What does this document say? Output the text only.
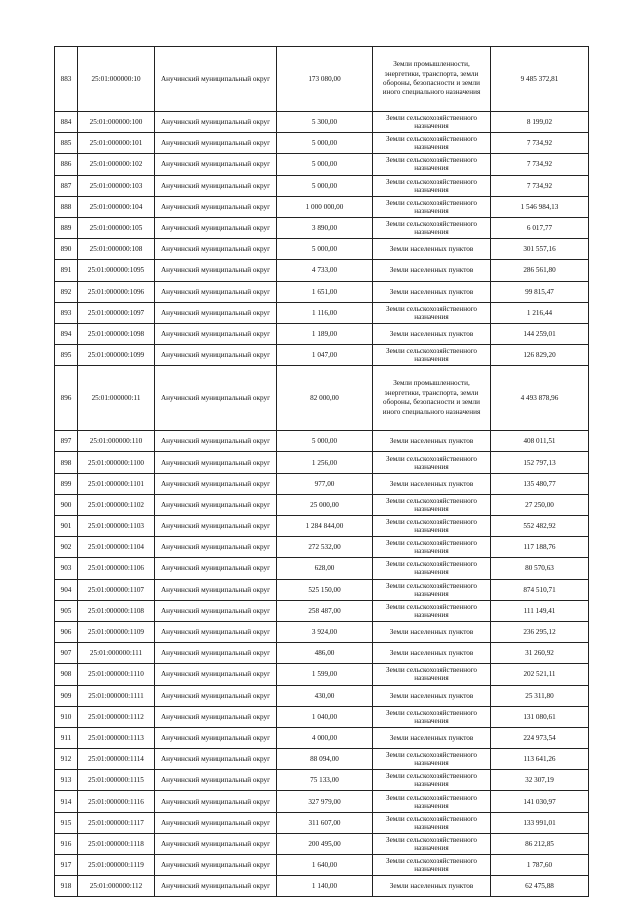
883	25:01:000000:10	Анучинский муниципальный округ	173 080,00	Земли промышленности, энергетики, транспорта, земли обороны, безопасности и земли иного специального назначения	9 485 372,81
884	25:01:000000:100	Анучинский муниципальный округ	5 300,00	Земли сельскохозяйственного назначения	8 199,02
885	25:01:000000:101	Анучинский муниципальный округ	5 000,00	Земли сельскохозяйственного назначения	7 734,92
886	25:01:000000:102	Анучинский муниципальный округ	5 000,00	Земли сельскохозяйственного назначения	7 734,92
887	25:01:000000:103	Анучинский муниципальный округ	5 000,00	Земли сельскохозяйственного назначения	7 734,92
888	25:01:000000:104	Анучинский муниципальный округ	1 000 000,00	Земли сельскохозяйственного назначения	1 546 984,13
889	25:01:000000:105	Анучинский муниципальный округ	3 890,00	Земли сельскохозяйственного назначения	6 017,77
890	25:01:000000:108	Анучинский муниципальный округ	5 000,00	Земли населенных пунктов	301 557,16
891	25:01:000000:1095	Анучинский муниципальный округ	4 733,00	Земли населенных пунктов	286 561,80
892	25:01:000000:1096	Анучинский муниципальный округ	1 651,00	Земли населенных пунктов	99 815,47
893	25:01:000000:1097	Анучинский муниципальный округ	1 116,00	Земли сельскохозяйственного назначения	1 216,44
894	25:01:000000:1098	Анучинский муниципальный округ	1 189,00	Земли населенных пунктов	144 259,01
895	25:01:000000:1099	Анучинский муниципальный округ	1 047,00	Земли сельскохозяйственного назначения	126 829,20
896	25:01:000000:11	Анучинский муниципальный округ	82 000,00	Земли промышленности, энергетики, транспорта, земли обороны, безопасности и земли иного специального назначения	4 493 878,96
897	25:01:000000:110	Анучинский муниципальный округ	5 000,00	Земли населенных пунктов	408 011,51
898	25:01:000000:1100	Анучинский муниципальный округ	1 256,00	Земли сельскохозяйственного назначения	152 797,13
899	25:01:000000:1101	Анучинский муниципальный округ	977,00	Земли населенных пунктов	135 480,77
900	25:01:000000:1102	Анучинский муниципальный округ	25 000,00	Земли сельскохозяйственного назначения	27 250,00
901	25:01:000000:1103	Анучинский муниципальный округ	1 284 844,00	Земли сельскохозяйственного назначения	552 482,92
902	25:01:000000:1104	Анучинский муниципальный округ	272 532,00	Земли сельскохозяйственного назначения	117 188,76
903	25:01:000000:1106	Анучинский муниципальный округ	628,00	Земли сельскохозяйственного назначения	80 570,63
904	25:01:000000:1107	Анучинский муниципальный округ	525 150,00	Земли сельскохозяйственного назначения	874 510,71
905	25:01:000000:1108	Анучинский муниципальный округ	258 487,00	Земли сельскохозяйственного назначения	111 149,41
906	25:01:000000:1109	Анучинский муниципальный округ	3 924,00	Земли населенных пунктов	236 295,12
907	25:01:000000:111	Анучинский муниципальный округ	486,00	Земли населенных пунктов	31 260,92
908	25:01:000000:1110	Анучинский муниципальный округ	1 599,00	Земли сельскохозяйственного назначения	202 521,11
909	25:01:000000:1111	Анучинский муниципальный округ	430,00	Земли населенных пунктов	25 311,80
910	25:01:000000:1112	Анучинский муниципальный округ	1 040,00	Земли сельскохозяйственного назначения	131 080,61
911	25:01:000000:1113	Анучинский муниципальный округ	4 000,00	Земли населенных пунктов	224 973,54
912	25:01:000000:1114	Анучинский муниципальный округ	88 094,00	Земли сельскохозяйственного назначения	113 641,26
913	25:01:000000:1115	Анучинский муниципальный округ	75 133,00	Земли сельскохозяйственного назначения	32 307,19
914	25:01:000000:1116	Анучинский муниципальный округ	327 979,00	Земли сельскохозяйственного назначения	141 030,97
915	25:01:000000:1117	Анучинский муниципальный округ	311 607,00	Земли сельскохозяйственного назначения	133 991,01
916	25:01:000000:1118	Анучинский муниципальный округ	200 495,00	Земли сельскохозяйственного назначения	86 212,85
917	25:01:000000:1119	Анучинский муниципальный округ	1 640,00	Земли сельскохозяйственного назначения	1 787,60
918	25:01:000000:112	Анучинский муниципальный округ	1 140,00	Земли населенных пунктов	62 475,88
